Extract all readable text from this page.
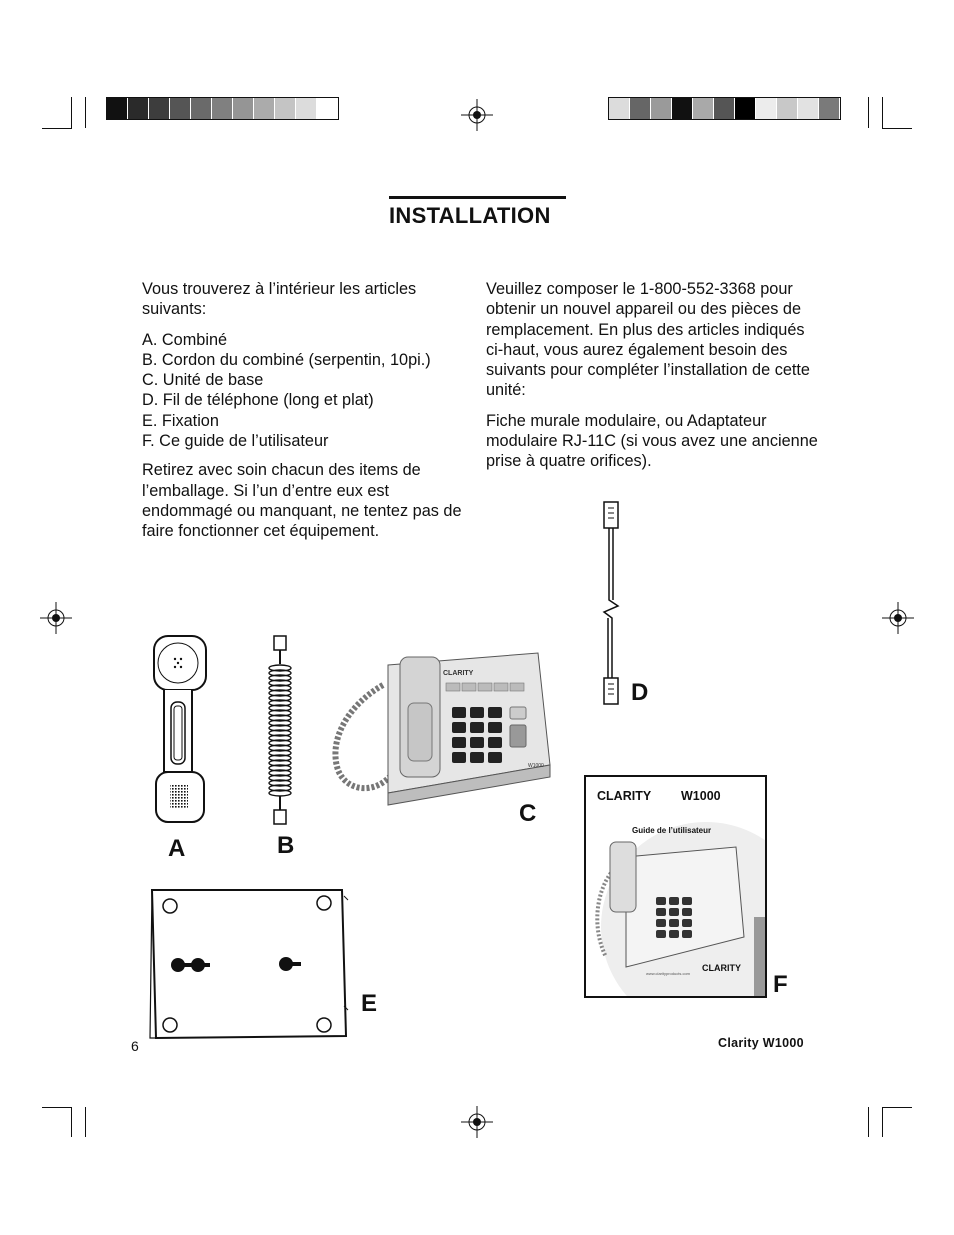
INSTALLATION

Vous trouverez à l’intérieur les articles suivants:

A. Combiné
B. Cordon du combiné (serpentin, 10pi.)
C. Unité de base
D. Fil de téléphone (long et plat)
E. Fixation
F. Ce guide de l’utilisateur

Retirez avec soin chacun des items de l’emballage. Si l’un d’entre eux est endommagé ou manquant, ne tentez pas de faire fonctionner cet équipement.

Veuillez composer le 1-800-552-3368 pour obtenir un nouvel appareil ou des pièces de remplacement. En plus des articles indiqués ci-haut, vous aurez également besoin des suivants pour compléter l’installation de cette unité:

Fiche murale modulaire, ou Adaptateur modulaire RJ-11C (si vous avez une ancienne prise à quatre orifices).

A	B
CLARITY
W1000
C
D
E
CLARITY W1000
Guide de l’utilisateur
CLARITY
www.clarityproducts.com	F
6	Clarity W1000
